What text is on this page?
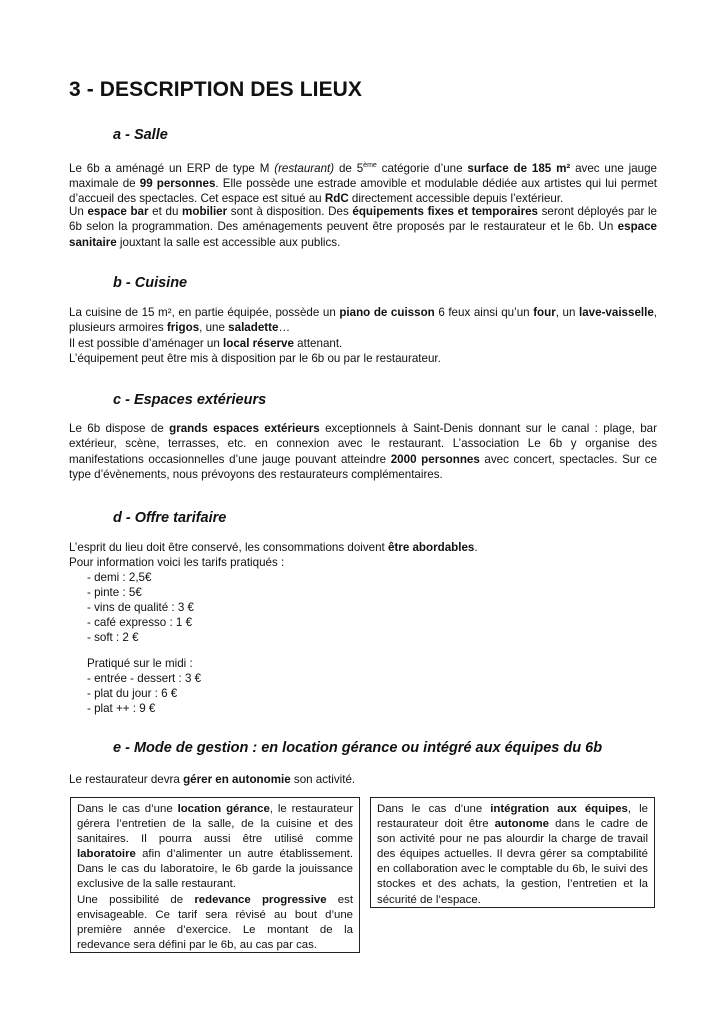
3 - DESCRIPTION DES LIEUX
a - Salle
Le 6b a aménagé un ERP de type M (restaurant) de 5ème catégorie d’une surface de 185 m² avec une jauge maximale de 99 personnes. Elle possède une estrade amovible et modulable dédiée aux artistes qui lui permet d’accueil des spectacles. Cet espace est situé au RdC directement accessible depuis l’extérieur.
Un espace bar et du mobilier sont à disposition. Des équipements fixes et temporaires seront déployés par le 6b selon la programmation. Des aménagements peuvent être proposés par le restaurateur et le 6b. Un espace sanitaire jouxtant la salle est accessible aux publics.
b - Cuisine
La cuisine de 15 m², en partie équipée, possède un piano de cuisson 6 feux ainsi qu’un four, un lave-vaisselle, plusieurs armoires frigos, une saladette…
Il est possible d’aménager un local réserve attenant.
L’équipement peut être mis à disposition par le 6b ou par le restaurateur.
c - Espaces extérieurs
Le 6b dispose de grands espaces extérieurs exceptionnels à Saint-Denis donnant sur le canal : plage, bar extérieur, scène, terrasses, etc. en connexion avec le restaurant. L’association Le 6b y organise des manifestations occasionnelles d’une jauge pouvant atteindre 2000 personnes avec concert, spectacles. Sur ce type d’évènements, nous prévoyons des restaurateurs complémentaires.
d - Offre tarifaire
L’esprit du lieu doit être conservé, les consommations doivent être abordables.
Pour information voici les tarifs pratiqués :
- demi : 2,5€
- pinte : 5€
- vins de qualité : 3 €
- café expresso : 1 €
- soft : 2 €
Pratiqué sur le midi :
- entrée - dessert : 3 €
- plat du jour : 6 €
- plat ++ : 9 €
e - Mode de gestion : en location gérance ou intégré aux équipes du 6b
Le restaurateur devra gérer en autonomie son activité.
Dans le cas d’une location gérance, le restaurateur gérera l’entretien de la salle, de la cuisine et des sanitaires. Il pourra aussi être utilisé comme laboratoire afin d’alimenter un autre établissement. Dans le cas du laboratoire, le 6b garde la jouissance exclusive de la salle restaurant.
Une possibilité de redevance progressive est envisageable. Ce tarif sera révisé au bout d’une première année d’exercice. Le montant de la redevance sera défini par le 6b, au cas par cas.
Dans le cas d’une intégration aux équipes, le restaurateur doit être autonome dans le cadre de son activité pour ne pas alourdir la charge de travail des équipes actuelles. Il devra gérer sa comptabilité en collaboration avec le comptable du 6b, le suivi des stockes et des achats, la gestion, l’entretien et la sécurité de l’espace.
